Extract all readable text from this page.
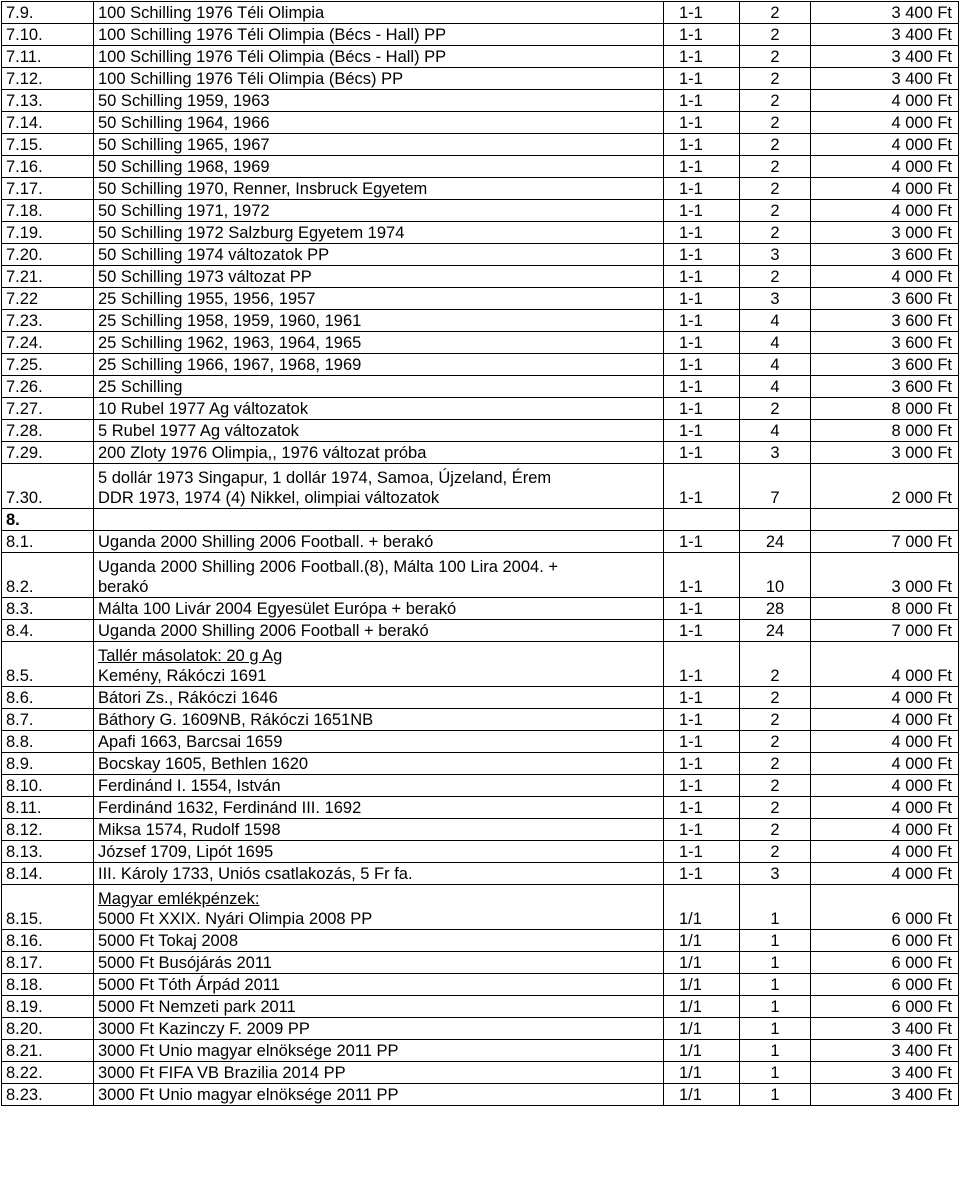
7.9.	100 Schilling 1976 Téli Olimpia	1-1	2	3 400 Ft
7.10.	100 Schilling 1976 Téli Olimpia (Bécs - Hall) PP	1-1	2	3 400 Ft
7.11.	100 Schilling 1976 Téli Olimpia (Bécs - Hall) PP	1-1	2	3 400 Ft
7.12.	100 Schilling 1976 Téli Olimpia (Bécs) PP	1-1	2	3 400 Ft
7.13.	50 Schilling 1959, 1963	1-1	2	4 000 Ft
7.14.	50 Schilling 1964, 1966	1-1	2	4 000 Ft
7.15.	50 Schilling 1965, 1967	1-1	2	4 000 Ft
7.16.	50 Schilling 1968, 1969	1-1	2	4 000 Ft
7.17.	50 Schilling 1970, Renner, Insbruck Egyetem	1-1	2	4 000 Ft
7.18.	50 Schilling 1971, 1972	1-1	2	4 000 Ft
7.19.	50 Schilling 1972 Salzburg Egyetem 1974	1-1	2	3 000 Ft
7.20.	50 Schilling 1974 változatok PP	1-1	3	3 600 Ft
7.21.	50 Schilling 1973 változat PP	1-1	2	4 000 Ft
7.22	25 Schilling 1955, 1956, 1957	1-1	3	3 600 Ft
7.23.	25 Schilling 1958, 1959, 1960, 1961	1-1	4	3 600 Ft
7.24.	25 Schilling 1962, 1963, 1964, 1965	1-1	4	3 600 Ft
7.25.	25 Schilling 1966, 1967, 1968, 1969	1-1	4	3 600 Ft
7.26.	25 Schilling	1-1	4	3 600 Ft
7.27.	10 Rubel 1977 Ag változatok	1-1	2	8 000 Ft
7.28.	5 Rubel 1977 Ag változatok	1-1	4	8 000 Ft
7.29.	200 Zloty 1976 Olimpia,, 1976 változat próba	1-1	3	3 000 Ft
7.30.	5 dollár 1973 Singapur, 1 dollár 1974, Samoa, Újzeland, Érem
DDR 1973, 1974 (4) Nikkel, olimpiai változatok	1-1	7	2 000 Ft
8.	

8.1.	Uganda 2000 Shilling 2006 Football. + berakó	1-1	24	7 000 Ft
8.2.	Uganda 2000 Shilling 2006 Football.(8), Málta 100 Lira 2004. +
berakó	1-1	10	3 000 Ft
8.3.	Málta 100 Livár 2004 Egyesület Európa + berakó	1-1	28	8 000 Ft
8.4.	Uganda 2000 Shilling 2006 Football + berakó	1-1	24	7 000 Ft
8.5.	Tallér másolatok: 20 g Ag
Kemény, Rákóczi 1691	1-1	2	4 000 Ft
8.6.	Bátori Zs., Rákóczi 1646	1-1	2	4 000 Ft
8.7.	Báthory G. 1609NB, Rákóczi 1651NB	1-1	2	4 000 Ft
8.8.	Apafi 1663, Barcsai 1659	1-1	2	4 000 Ft
8.9.	Bocskay 1605, Bethlen 1620	1-1	2	4 000 Ft
8.10.	Ferdinánd I. 1554, István	1-1	2	4 000 Ft
8.11.	Ferdinánd 1632, Ferdinánd III. 1692	1-1	2	4 000 Ft
8.12.	Miksa 1574, Rudolf 1598	1-1	2	4 000 Ft
8.13.	József 1709, Lipót 1695	1-1	2	4 000 Ft
8.14.	III. Károly 1733, Uniós csatlakozás, 5 Fr fa.	1-1	3	4 000 Ft
8.15.	Magyar emlékpénzek:
5000 Ft XXIX. Nyári Olimpia 2008 PP	1/1	1	6 000 Ft
8.16.	5000 Ft Tokaj 2008	1/1	1	6 000 Ft
8.17.	5000 Ft Busójárás 2011	1/1	1	6 000 Ft
8.18.	5000 Ft Tóth Árpád 2011	1/1	1	6 000 Ft
8.19.	5000 Ft Nemzeti park 2011	1/1	1	6 000 Ft
8.20.	3000 Ft Kazinczy F. 2009 PP	1/1	1	3 400 Ft
8.21.	3000 Ft Unio magyar elnöksége 2011 PP	1/1	1	3 400 Ft
8.22.	3000 Ft FIFA VB Brazilia 2014 PP	1/1	1	3 400 Ft
8.23.	3000 Ft Unio magyar elnöksége 2011 PP	1/1	1	3 400 Ft
